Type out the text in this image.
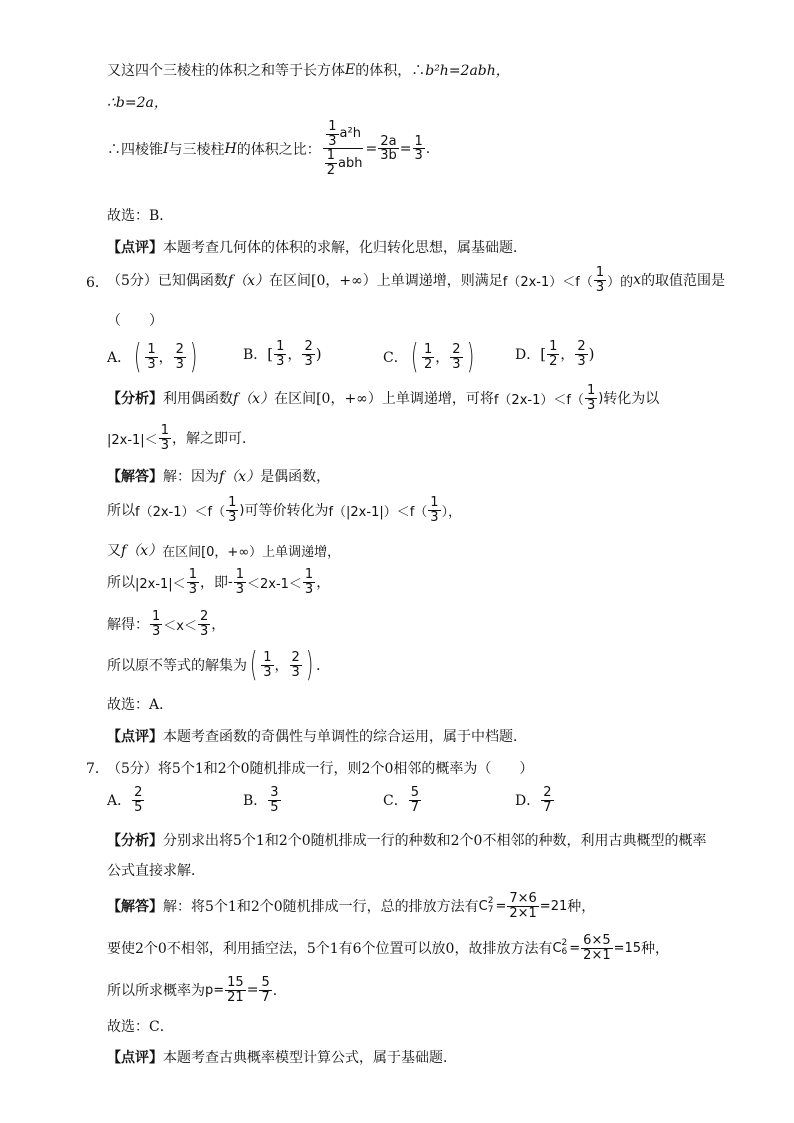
又这四个三棱柱的体积之和等于长方体 E 的体积，∴ b²h=2abh，
∴b=2a，
∴四棱锥 I 与三棱柱 H 的体积之比： $\frac{\frac{1}{3} a^2h}{\frac{1}{2} abh} = \frac{2a}{3b} = \frac{1}{3}$ .
故选：B．
【点评】 本题考查几何体的体积的求解，化归转化思想，属基础题．
6．
（5分）已知偶函数 f（x） 在区间[0，+∞）上单调递增，则满足 $f(2x-1)<f( \frac{1}{3}$ ）的 x 的取值范围是
（　　）
A． ( $\frac{1}{3}$ ， $\frac{2}{3}$ )	B． [ $\frac{1}{3}$ ， $\frac{2}{3}$ )	C． ( $\frac{1}{2}$ ， $\frac{2}{3}$ )	D． [ $\frac{1}{2}$ ， $\frac{2}{3}$ )
【分析】 利用偶函数 f（x） 在区间[0，+∞）上单调递增，可将 $f(2x-1)<f( \frac{1}{3}$ ) 转化为以
$|2x-1|< \frac{1}{3}$ ，解之即可．
【解答】 解：因为 f（x） 是偶函数，
所以 $f(2x-1)<f( \frac{1}{3}$ ) 可等价转化为 $f(|2x-1|)<f( \frac{1}{3}$ ），
又 f（x） 在区间[0，+∞）上单调递增，
所以 $|2x-1|< \frac{1}{3}$ ，即 - $\frac{1}{3} <2x-1< \frac{1}{3}$ ，
解得： $\frac{1}{3} <x< \frac{2}{3}$ ，
所以原不等式的解集为 ( $\frac{1}{3}$ ， $\frac{2}{3}$ ) ．
故选：A．
【点评】 本题考查函数的奇偶性与单调性的综合运用，属于中档题．
7．
（5分）将5个1和2个0随机排成一行，则2个0相邻的概率为（　　）
A． $\frac{2}{5}$	B． $\frac{3}{5}$	C． $\frac{5}{7}$	D． $\frac{2}{7}$
【分析】 分别求出将5个1和2个0随机排成一行的种数和2个0不相邻的种数，利用古典概型的概率
公式直接求解．
【解答】 解：将5个1和2个0随机排成一行，总的排放方法有 C 2
$7 = \frac{7\times 6}{2\times 1} =21$ 种，
要使2个0不相邻，利用插空法，5个1有6个位置可以放0，故排放方法有 C 2
$6 = \frac{6\times 5}{2\times 1} =15$ 种，
所以所求概率为 $p= \frac{15}{21} = \frac{5}{7}$ ．
故选：C．
【点评】 本题考查古典概率模型计算公式，属于基础题．
